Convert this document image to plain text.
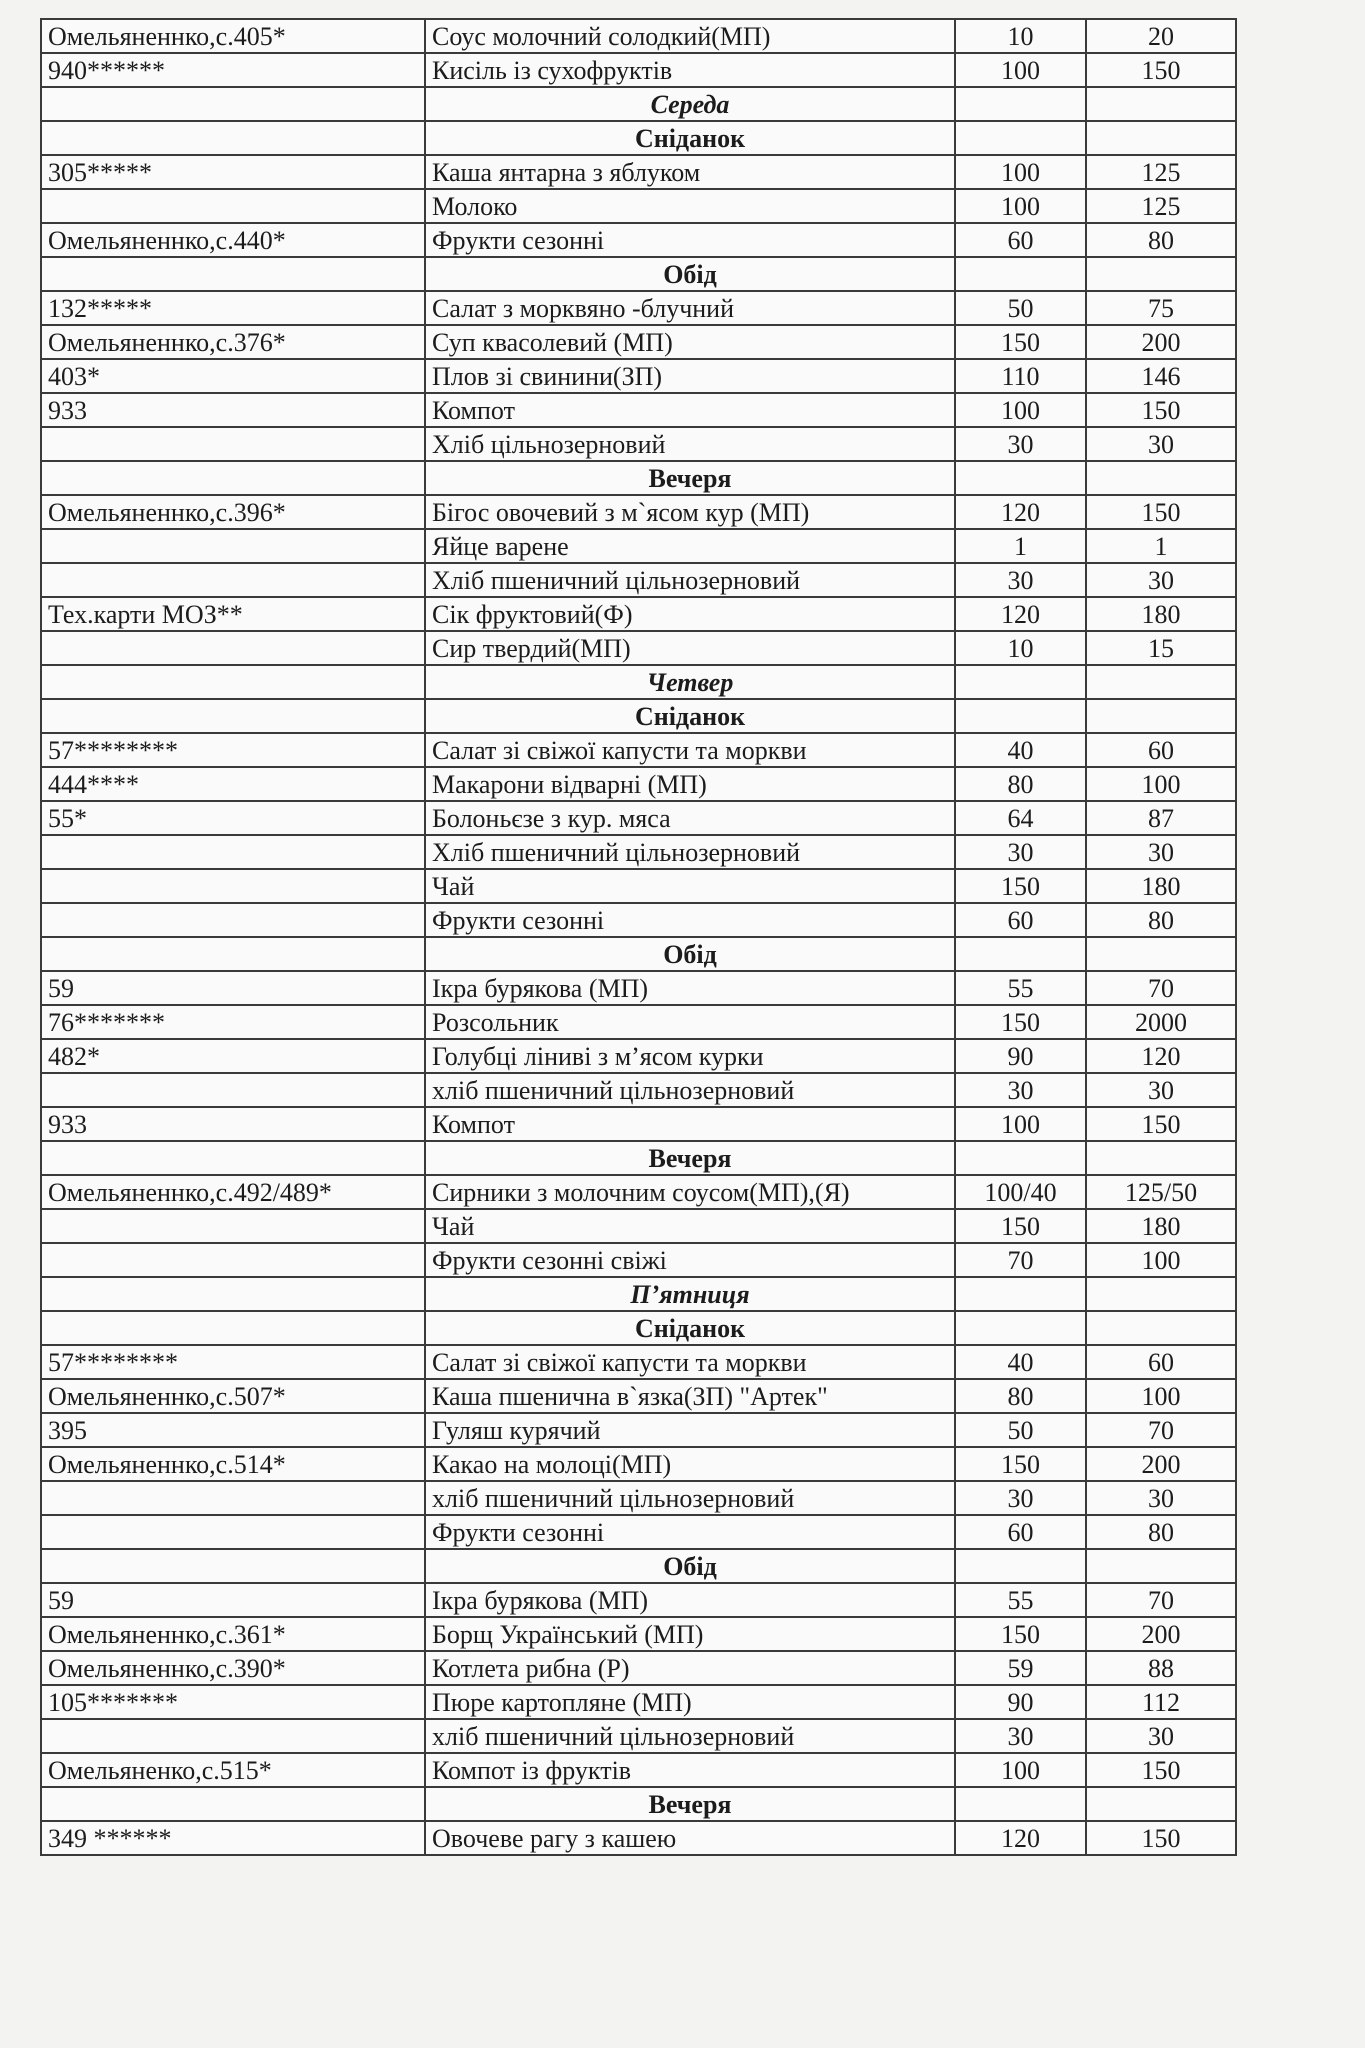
Омельяненнко,с.405*	Соус молочний солодкий(МП)	10	20
940******	Кисіль із сухофруктів	100	150
	Середа		
	Сніданок		
305*****	Каша янтарна з яблуком	100	125
	Молоко	100	125
Омельяненнко,с.440*	Фрукти сезонні	60	80
	Обід		
132*****	Салат з морквяно -блучний	50	75
Омельяненнко,с.376*	Суп квасолевий (МП)	150	200
403*	Плов зі свинини(ЗП)	110	146
933	Компот	100	150
	Хліб цільнозерновий	30	30
	Вечеря		
Омельяненнко,с.396*	Бігос овочевий з м`ясом кур (МП)	120	150
	Яйце варене	1	1
	Хліб пшеничний цільнозерновий	30	30
Тех.карти МОЗ**	Сік фруктовий(Ф)	120	180
	Сир твердий(МП)	10	15
	Четвер		
	Сніданок		
57********	Салат зі свіжої капусти та моркви	40	60
444****	Макарони відварні (МП)	80	100
55*	Болоньєзе з кур. мяса	64	87
	Хліб пшеничний цільнозерновий	30	30
	Чай	150	180
	Фрукти сезонні	60	80
	Обід		
59	Ікра бурякова (МП)	55	70
76*******	Розсольник	150	2000
482*	Голубці ліниві з м’ясом курки	90	120
	хліб пшеничний цільнозерновий	30	30
933	Компот	100	150
	Вечеря		
Омельяненнко,с.492/489*	Сирники з молочним соусом(МП),(Я)	100/40	125/50
	Чай	150	180
	Фрукти сезонні свіжі	70	100
	П’ятниця		
	Сніданок		
57********	Салат зі свіжої капусти та моркви	40	60
Омельяненнко,с.507*	Каша пшенична в`язка(ЗП) "Артек"	80	100
395	Гуляш курячий	50	70
Омельяненнко,с.514*	Какао на молоці(МП)	150	200
	хліб пшеничний цільнозерновий	30	30
	Фрукти сезонні	60	80
	Обід		
59	Ікра бурякова (МП)	55	70
Омельяненнко,с.361*	Борщ Український (МП)	150	200
Омельяненнко,с.390*	Котлета рибна (Р)	59	88
105*******	Пюре картопляне (МП)	90	112
	хліб пшеничний цільнозерновий	30	30
Омельяненко,с.515*	Компот із фруктів	100	150
	Вечеря		
349 ******	Овочеве рагу з кашею	120	150
